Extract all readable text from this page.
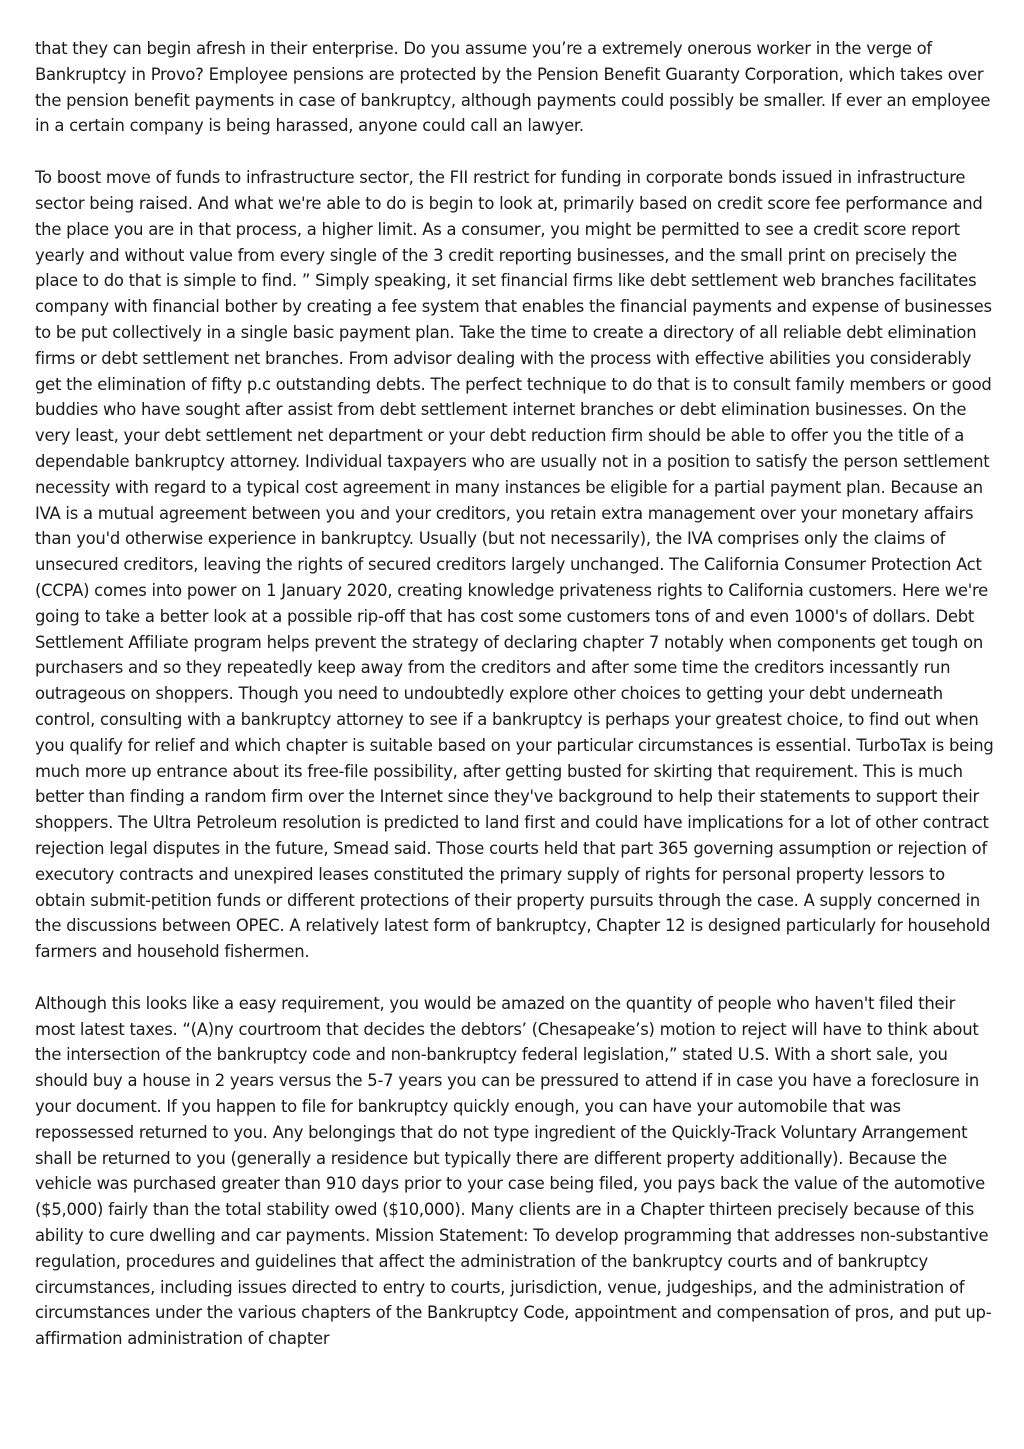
that they can begin afresh in their enterprise. Do you assume you’re a extremely onerous worker in the verge of Bankruptcy in Provo? Employee pensions are protected by the Pension Benefit Guaranty Corporation, which takes over the pension benefit payments in case of bankruptcy, although payments could possibly be smaller. If ever an employee in a certain company is being harassed, anyone could call an lawyer.

To boost move of funds to infrastructure sector, the FII restrict for funding in corporate bonds issued in infrastructure sector being raised. And what we're able to do is begin to look at, primarily based on credit score fee performance and the place you are in that process, a higher limit. As a consumer, you might be permitted to see a credit score report yearly and without value from every single of the 3 credit reporting businesses, and the small print on precisely the place to do that is simple to find. ” Simply speaking, it set financial firms like debt settlement web branches facilitates company with financial bother by creating a fee system that enables the financial payments and expense of businesses to be put collectively in a single basic payment plan. Take the time to create a directory of all reliable debt elimination firms or debt settlement net branches. From advisor dealing with the process with effective abilities you considerably get the elimination of fifty p.c outstanding debts. The perfect technique to do that is to consult family members or good buddies who have sought after assist from debt settlement internet branches or debt elimination businesses. On the very least, your debt settlement net department or your debt reduction firm should be able to offer you the title of a dependable bankruptcy attorney. Individual taxpayers who are usually not in a position to satisfy the person settlement necessity with regard to a typical cost agreement in many instances be eligible for a partial payment plan. Because an IVA is a mutual agreement between you and your creditors, you retain extra management over your monetary affairs than you'd otherwise experience in bankruptcy. Usually (but not necessarily), the IVA comprises only the claims of unsecured creditors, leaving the rights of secured creditors largely unchanged. The California Consumer Protection Act (CCPA) comes into power on 1 January 2020, creating knowledge privateness rights to California customers. Here we're going to take a better look at a possible rip-off that has cost some customers tons of and even 1000's of dollars. Debt Settlement Affiliate program helps prevent the strategy of declaring chapter 7 notably when components get tough on purchasers and so they repeatedly keep away from the creditors and after some time the creditors incessantly run outrageous on shoppers. Though you need to undoubtedly explore other choices to getting your debt underneath control, consulting with a bankruptcy attorney to see if a bankruptcy is perhaps your greatest choice, to find out when you qualify for relief and which chapter is suitable based on your particular circumstances is essential. TurboTax is being much more up entrance about its free-file possibility, after getting busted for skirting that requirement. This is much better than finding a random firm over the Internet since they've background to help their statements to support their shoppers. The Ultra Petroleum resolution is predicted to land first and could have implications for a lot of other contract rejection legal disputes in the future, Smead said. Those courts held that part 365 governing assumption or rejection of executory contracts and unexpired leases constituted the primary supply of rights for personal property lessors to obtain submit-petition funds or different protections of their property pursuits through the case. A supply concerned in the discussions between OPEC. A relatively latest form of bankruptcy, Chapter 12 is designed particularly for household farmers and household fishermen.

Although this looks like a easy requirement, you would be amazed on the quantity of people who haven't filed their most latest taxes. “(A)ny courtroom that decides the debtors’ (Chesapeake’s) motion to reject will have to think about the intersection of the bankruptcy code and non-bankruptcy federal legislation,” stated U.S. With a short sale, you should buy a house in 2 years versus the 5-7 years you can be pressured to attend if in case you have a foreclosure in your document. If you happen to file for bankruptcy quickly enough, you can have your automobile that was repossessed returned to you. Any belongings that do not type ingredient of the Quickly-Track Voluntary Arrangement shall be returned to you (generally a residence but typically there are different property additionally). Because the vehicle was purchased greater than 910 days prior to your case being filed, you pays back the value of the automotive ($5,000) fairly than the total stability owed ($10,000). Many clients are in a Chapter thirteen precisely because of this ability to cure dwelling and car payments. Mission Statement: To develop programming that addresses non-substantive regulation, procedures and guidelines that affect the administration of the bankruptcy courts and of bankruptcy circumstances, including issues directed to entry to courts, jurisdiction, venue, judgeships, and the administration of circumstances under the various chapters of the Bankruptcy Code, appointment and compensation of pros, and put up-affirmation administration of chapter
